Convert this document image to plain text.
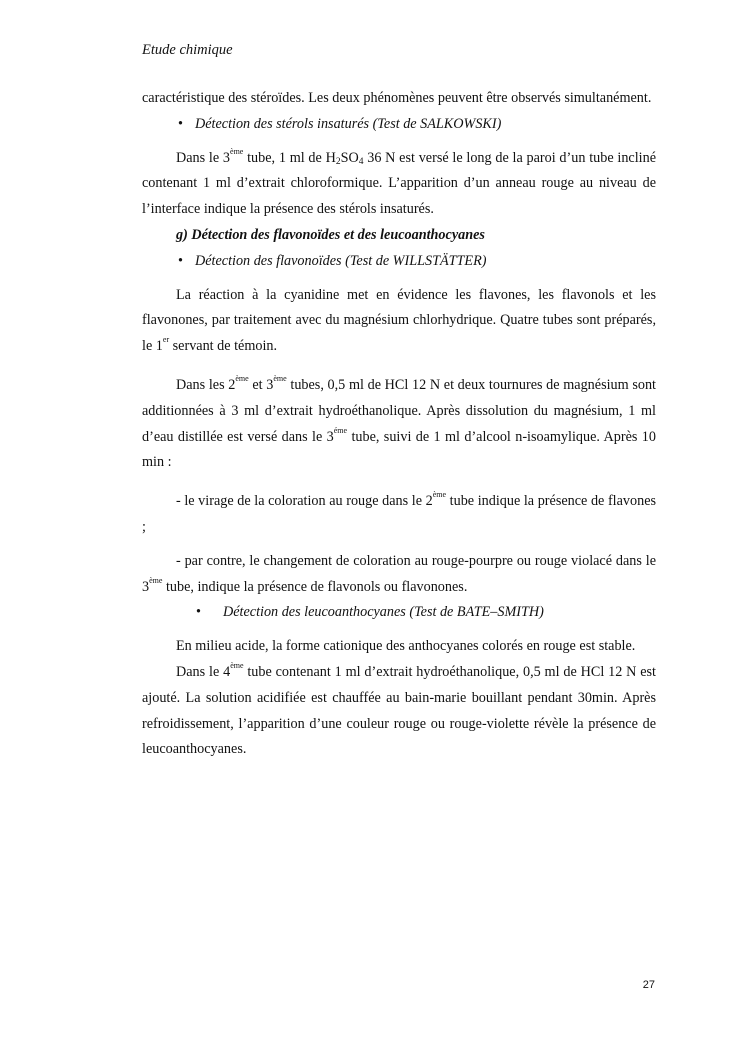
Etude chimique

caractéristique des stéroïdes. Les deux phénomènes peuvent être observés simultanément.

• Détection des stérols insaturés (Test de SALKOWSKI)

Dans le 3ème tube, 1 ml de $H_2SO_4$ 36 N est versé le long de la paroi d’un tube incliné contenant 1 ml d’extrait chloroformique. L’apparition d’un anneau rouge au niveau de l’interface indique la présence des stérols insaturés.

g) Détection des flavonoïdes et des leucoanthocyanes

• Détection des flavonoïdes (Test de WILLSTÄTTER)

La réaction à la cyanidine met en évidence les flavones, les flavonols et les flavonones, par traitement avec du magnésium chlorhydrique. Quatre tubes sont préparés, le 1er servant de témoin.

Dans les 2ème et 3ème tubes, 0,5 ml de HCl 12 N et deux tournures de magnésium sont additionnées à 3 ml d’extrait hydroéthanolique. Après dissolution du magnésium, 1 ml d’eau distillée est versé dans le $3^{éme}$ tube, suivi de 1 ml d’alcool n-isoamylique. Après 10 min :

- le virage de la coloration au rouge dans le 2ème tube indique la présence de flavones ;

- par contre, le changement de coloration au rouge-pourpre ou rouge violacé dans le 3ème tube, indique la présence de flavonols ou flavonones.

• Détection des leucoanthocyanes (Test de BATE–SMITH)

En milieu acide, la forme cationique des anthocyanes colorés en rouge est stable.

Dans le 4ème tube contenant 1 ml d’extrait hydroéthanolique, 0,5 ml de HCl 12 N est ajouté. La solution acidifiée est chauffée au bain-marie bouillant pendant 30min. Après refroidissement, l’apparition d’une couleur rouge ou rouge-violette révèle la présence de leucoanthocyanes.

27
